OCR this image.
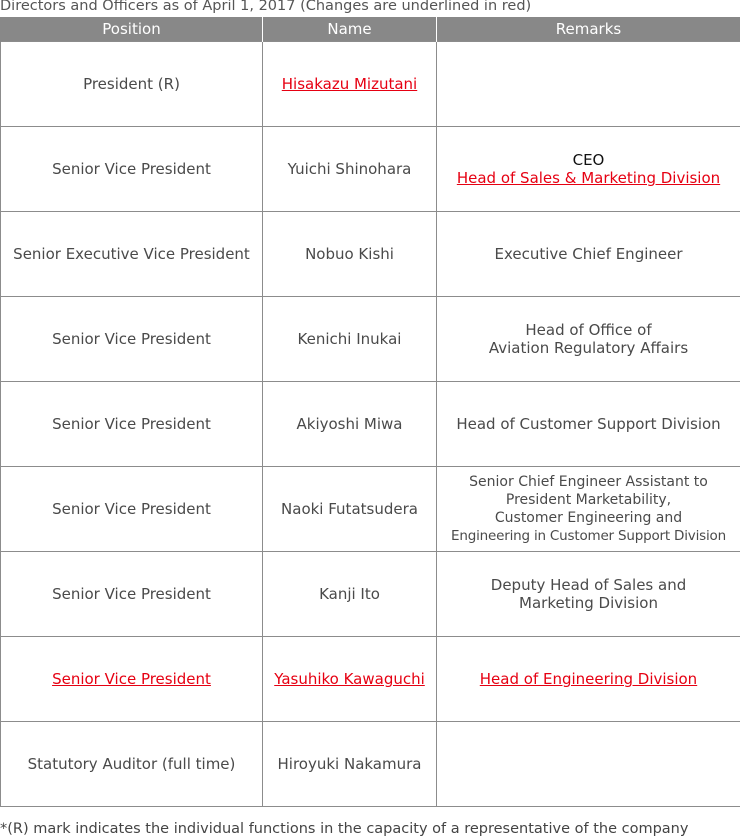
Directors and Officers as of April 1, 2017 (Changes are underlined in red)
Position	Name	Remarks
President (R)	Hisakazu Mizutani	
Senior Vice President	Yuichi Shinohara	CEO
Head of Sales & Marketing Division

Senior Executive Vice President	Nobuo Kishi	Executive Chief Engineer

Senior Vice President	Kenichi Inukai	Head of Office of
Aviation Regulatory Affairs

Senior Vice President	Akiyoshi Miwa	Head of Customer Support Division

Senior Vice President	Naoki Futatsudera	Senior Chief Engineer Assistant to
President Marketability,
Customer Engineering and
Engineering in Customer Support Division

Senior Vice President	Kanji Ito	Deputy Head of Sales and
Marketing Division

Senior Vice President	Yasuhiko Kawaguchi	Head of Engineering Division
Statutory Auditor (full time)	Hiroyuki Nakamura	
*(R) mark indicates the individual functions in the capacity of a representative of the company
